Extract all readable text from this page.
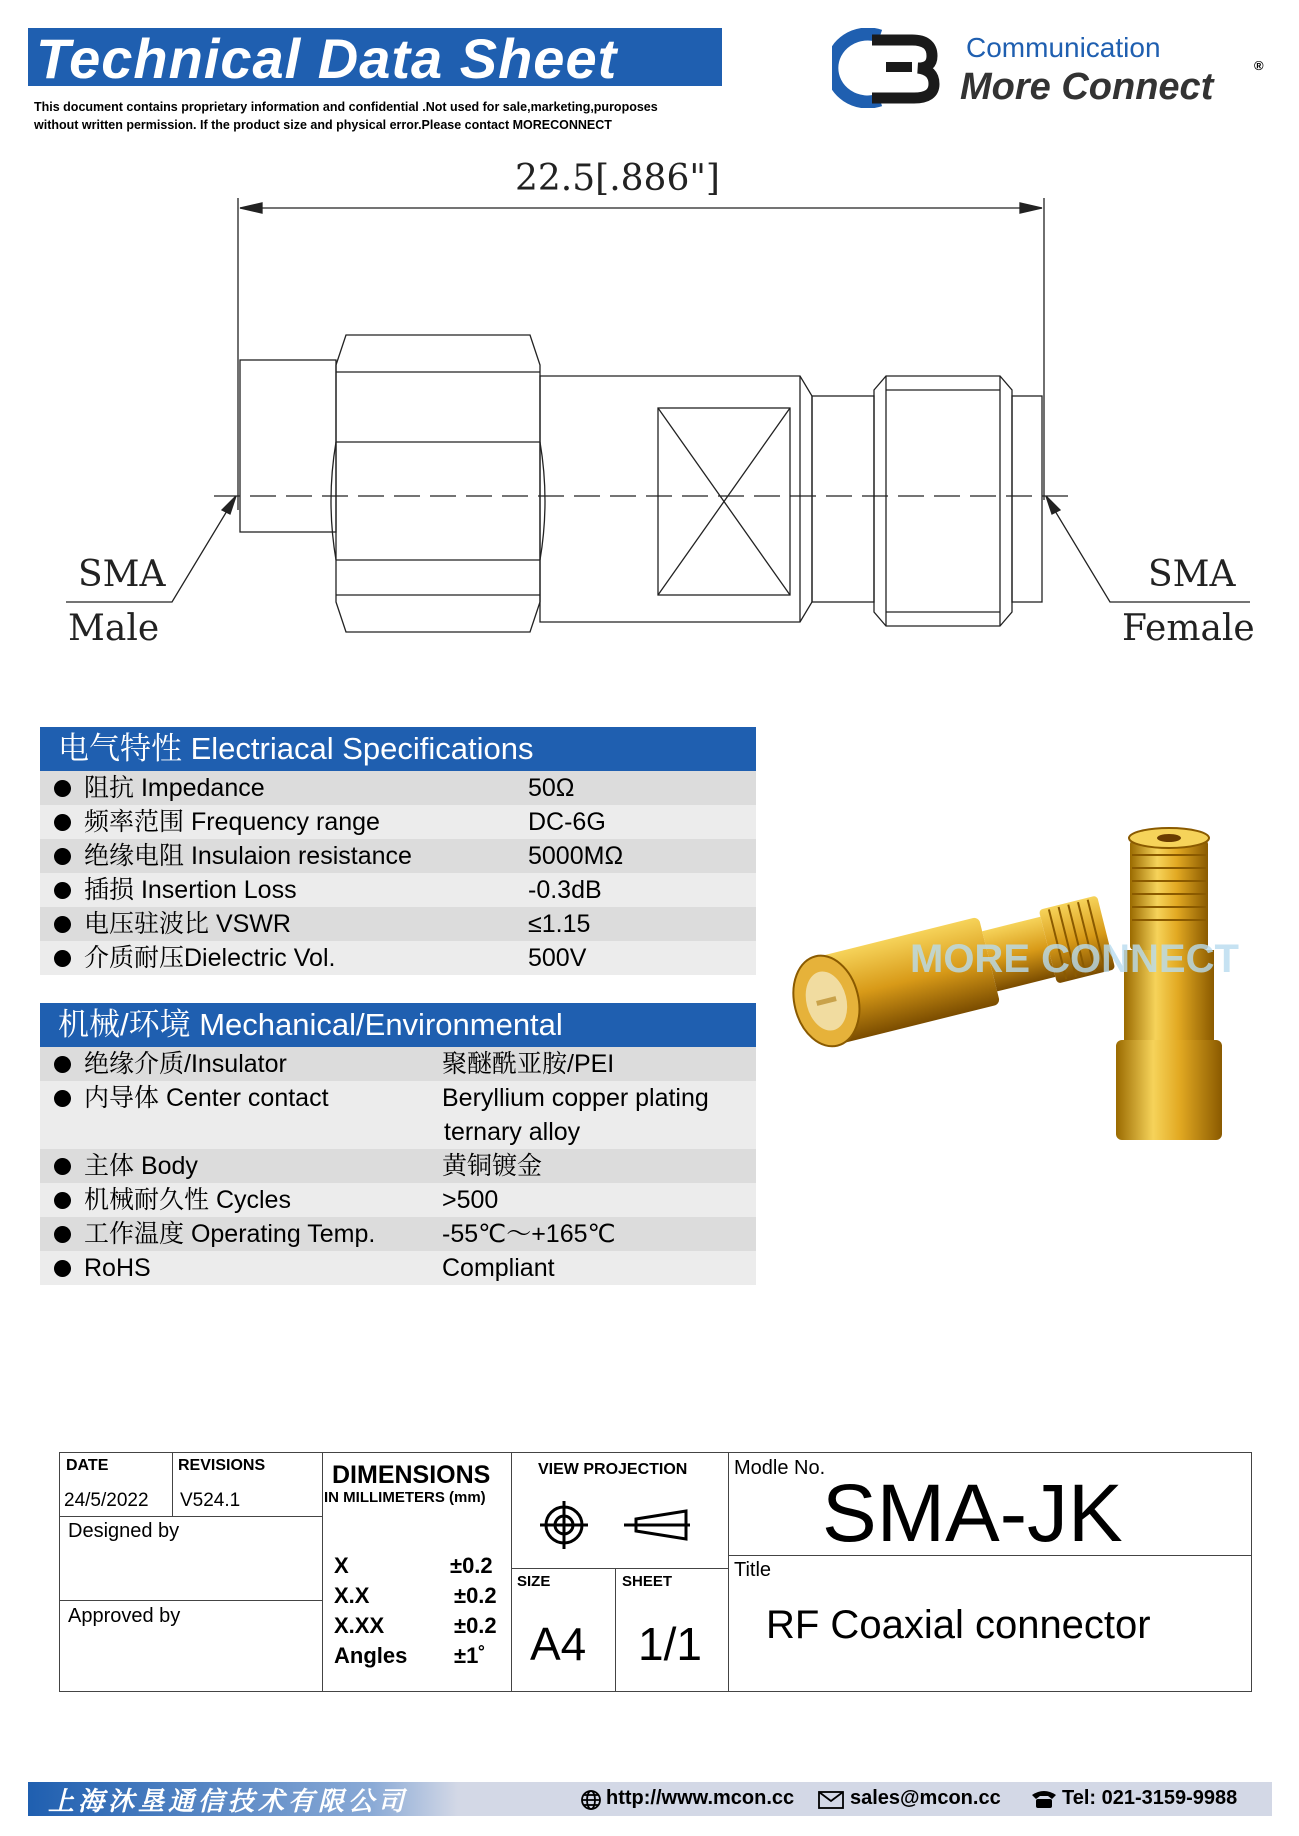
Technical Data Sheet
This document contains proprietary information and confidential .Not used for sale,marketing,puroposes
without written permission. If the product size and physical error.Please contact MORECONNECT
Communication
More Connect
®
22.5[.886"]
SMA
Male
SMA
Female
电气特性 Electriacal Specifications
阻抗 Impedance	50Ω
频率范围 Frequency range	DC-6G
绝缘电阻 Insulaion resistance	5000MΩ
插损 Insertion Loss	-0.3dB
电压驻波比 VSWR	≤1.15
介质耐压Dielectric Vol.	500V
机械/环境 Mechanical/Environmental
绝缘介质/Insulator	聚醚酰亚胺/PEI
内导体 Center contact	Beryllium copper plating
ternary alloy
主体 Body	黄铜镀金
机械耐久性 Cycles	>500
工作温度 Operating Temp.	-55℃～+165℃
RoHS	Compliant
MORE CONNECT
DATE
24/5/2022
REVISIONS
V524.1
Designed by
Approved by
DIMENSIONS
IN MILLIMETERS (mm)
X	±0.2
X.X	±0.2
X.XX	±0.2
Angles ±1˚
VIEW PROJECTION
SIZE
A4
SHEET
1/1
Modle No.
SMA-JK
Title
RF Coaxial connector
上海沐垦通信技术有限公司	http://www.mcon.cc	sales@mcon.cc	Tel: 021-3159-9988
